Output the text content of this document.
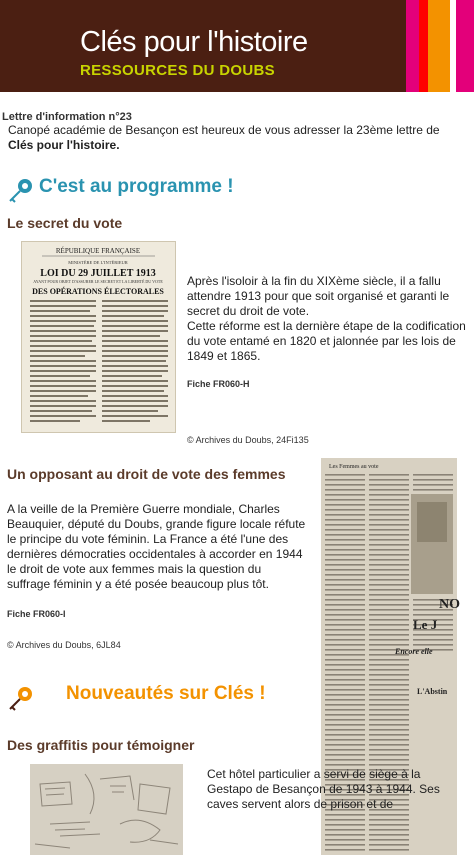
Clés pour l'histoire
RESSOURCES DU DOUBS
Lettre d'information n°23
Canopé académie de Besançon est heureux de vous adresser la 23ème lettre de Clés pour l'histoire.
C'est au programme !
Le secret du vote
RÉPUBLIQUE FRANÇAISE
MINISTÈRE DE L'INTÉRIEUR
LOI DU 29 JUILLET 1913
AYANT POUR OBJET D'ASSURER LE SECRET ET LA LIBERTÉ DU VOTE
DES OPÉRATIONS ÉLECTORALES
Après l'isoloir à la fin du XIXème siècle, il a fallu attendre 1913 pour que soit organisé et garanti le secret du droit de vote.
Cette réforme est la dernière étape de la codification du vote entamé en 1820 et jalonnée par les lois de 1849 et 1865.
Fiche FR060-H
© Archives du Doubs, 24Fi135
Un opposant au droit de vote des femmes
A la veille de la Première Guerre mondiale, Charles Beauquier, député du Doubs, grande figure locale réfute le principe du vote féminin. La France a été l'une des dernières démocraties occidentales à accorder en 1944 le droit de vote aux femmes mais la question du suffrage féminin y a été posée beaucoup plus tôt.
Fiche FR060-I
© Archives du Doubs, 6JL84
Les Femmes au vote
NO
Le J
Encore elle
L'Abstin
Nouveautés sur Clés !
Des graffitis pour témoigner
Cet hôtel particulier a servi de siège à la Gestapo de Besançon de 1943 à 1944. Ses caves servent alors de prison et de
